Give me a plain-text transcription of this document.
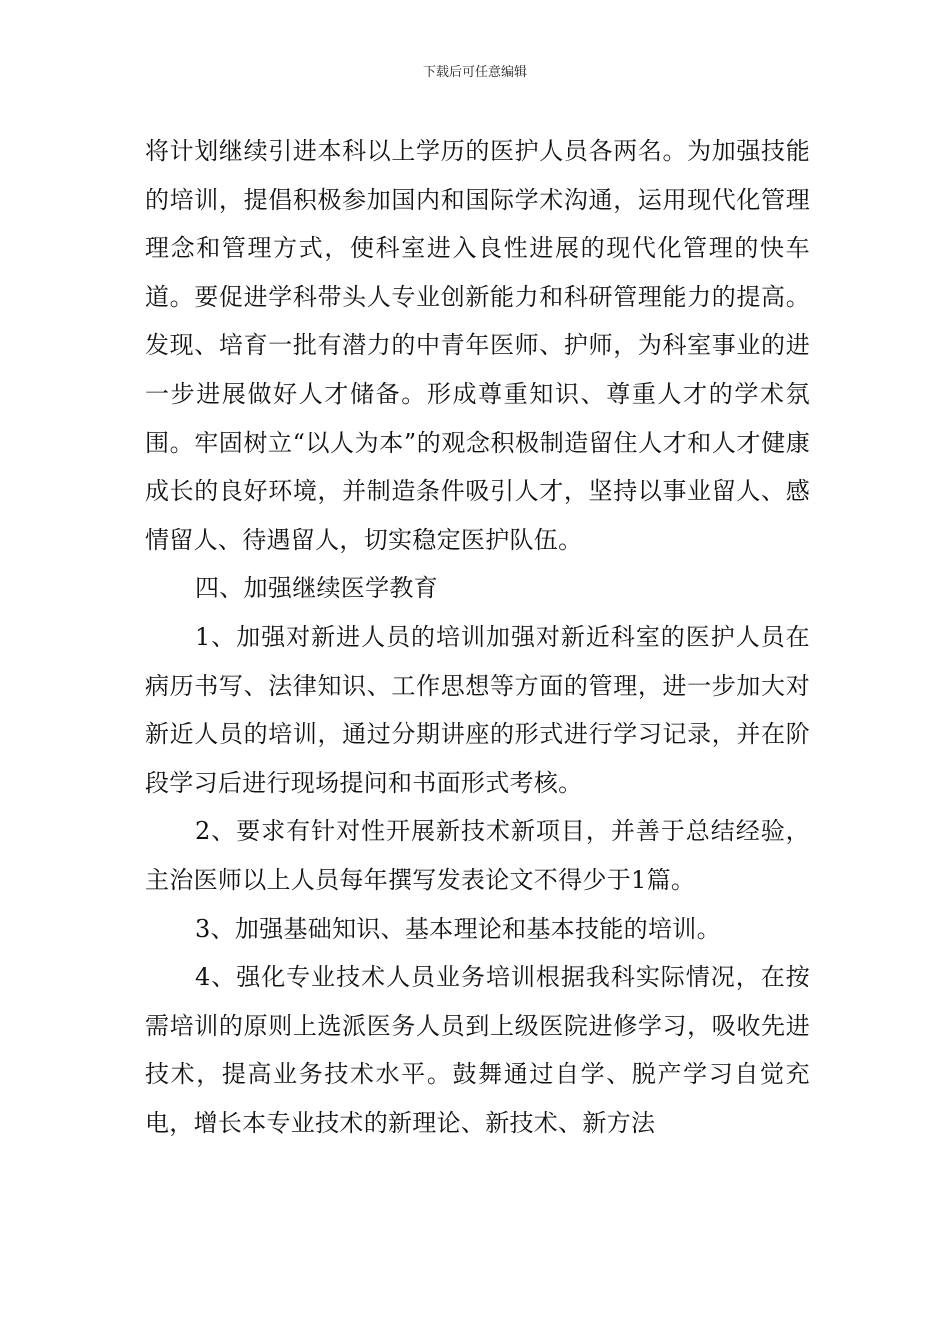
下载后可任意编辑

将计划继续引进本科以上学历的医护人员各两名。为加强技能的培训，提倡积极参加国内和国际学术沟通，运用现代化管理理念和管理方式，使科室进入良性进展的现代化管理的快车道。要促进学科带头人专业创新能力和科研管理能力的提高。发现、培育一批有潜力的中青年医师、护师，为科室事业的进一步进展做好人才储备。形成尊重知识、尊重人才的学术氛围。牢固树立“以人为本”的观念积极制造留住人才和人才健康成长的良好环境，并制造条件吸引人才，坚持以事业留人、感情留人、待遇留人，切实稳定医护队伍。

四、加强继续医学教育

1、加强对新进人员的培训加强对新近科室的医护人员在病历书写、法律知识、工作思想等方面的管理，进一步加大对新近人员的培训，通过分期讲座的形式进行学习记录，并在阶段学习后进行现场提问和书面形式考核。

2、要求有针对性开展新技术新项目，并善于总结经验，主治医师以上人员每年撰写发表论文不得少于1篇。

3、加强基础知识、基本理论和基本技能的培训。

4、强化专业技术人员业务培训根据我科实际情况，在按需培训的原则上选派医务人员到上级医院进修学习，吸收先进技术，提高业务技术水平。鼓舞通过自学、脱产学习自觉充电，增长本专业技术的新理论、新技术、新方法
